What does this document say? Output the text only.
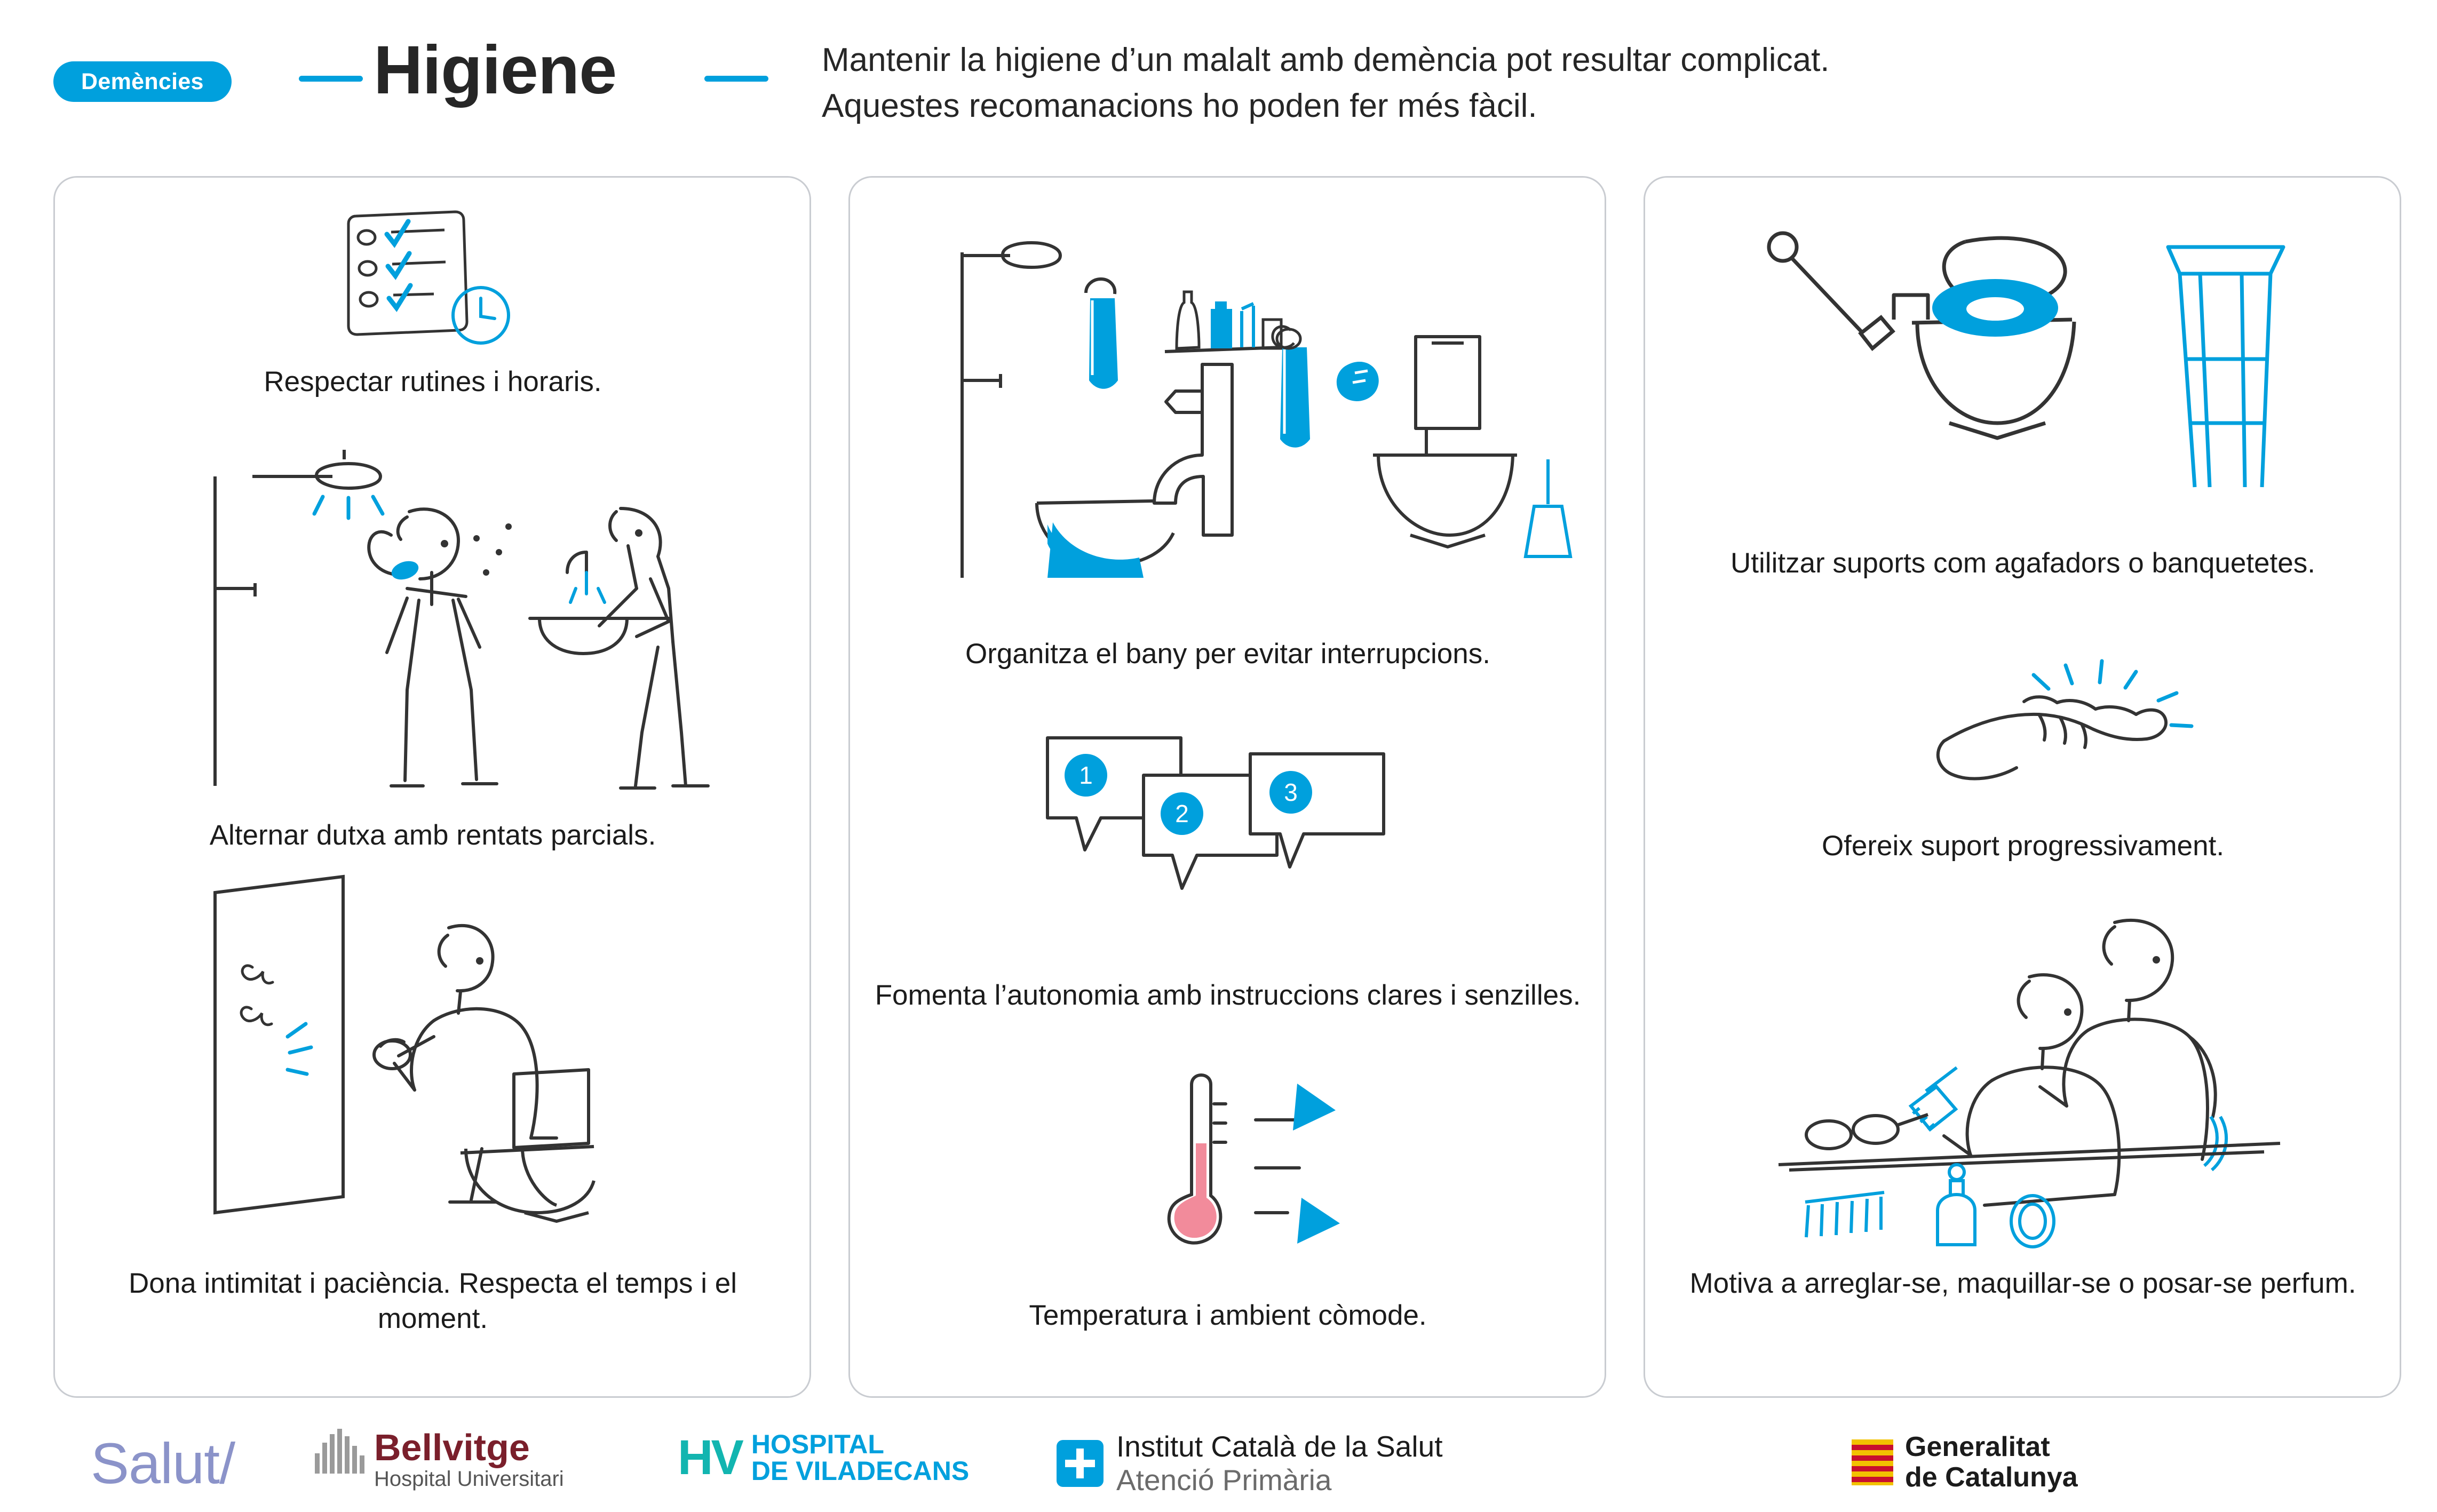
Demències Higiene	Mantenir la higiene d’un malalt amb demència pot resultar complicat.
Aquestes recomanacions ho poden fer més fàcil.
Respectar rutines i horaris.
Alternar dutxa amb rentats parcials.
Dona intimitat i paciència. Respecta el temps i el moment.
Organitza el bany per evitar interrupcions.
1
2
3
Fomenta l’autonomia amb instruccions clares i senzilles.
Temperatura i ambient còmode.
Utilitzar suports com agafadors o banquetetes.
Ofereix suport progressivament.
Motiva a arreglar-se, maquillar-se o posar-se perfum.
Salut/	Bellvitge
Hospital Universitari HV HOSPITAL
DE VILADECANS
Institut Català de la Salut
Atenció Primària
Generalitat
de Catalunya
